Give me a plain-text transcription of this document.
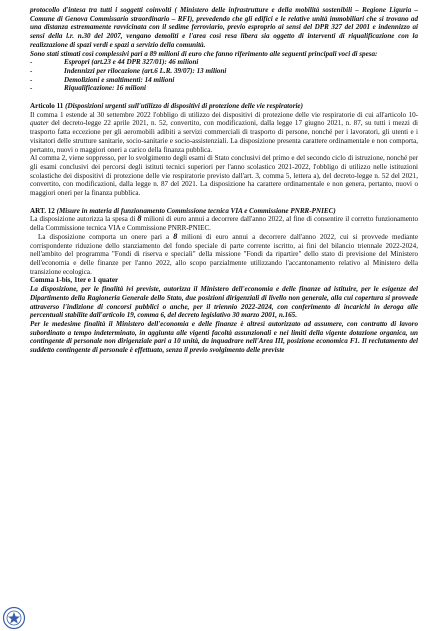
protocollo d'intesa tra tutti i soggetti coinvolti ( Ministero delle infrastrutture e della mobilità sostenibili – Regione Liguria – Comune di Genova Commissario straordinario – RFI), prevedendo che gli edifici e le relative unità immobiliari che si trovano ad una distanza estremamente ravvicinata con il sedime ferroviario, previo esproprio ai sensi del DPR 327 del 2001 e indennizzo ai sensi della l.r. n.30 del 2007, vengano demoliti e l'area così resa libera sia oggetto di interventi di riqualificazione con la realizzazione di spazi verdi e spazi a servizio della comunità.

Sono stati stimati così complessivi pari a 89 milioni di euro che fanno riferimento alle seguenti principali voci di spesa:

-	Espropri (art.23 e 44 DPR 327/01): 46 milioni
-	Indennizzi per rilocazione (art.6 L.R. 39/07): 13 milioni
-	Demolizioni e smaltimenti: 14 milioni
-	Riqualificazione: 16 milioni

Articolo 11 (Disposizioni urgenti sull'utilizzo di dispositivi di protezione delle vie respiratorie)

Il comma 1 estende al 30 settembre 2022 l'obbligo di utilizzo dei dispositivi di protezione delle vie respiratorie di cui all'articolo 10-quater del decreto-legge 22 aprile 2021, n. 52, convertito, con modificazioni, dalla legge 17 giugno 2021, n. 87, su tutti i mezzi di trasporto fatta eccezione per gli aeromobili adibiti a servizi commerciali di trasporto di persone, nonché per i lavoratori, gli utenti e i visitatori delle strutture sanitarie, socio-sanitarie e socio-assistenziali. La disposizione presenta carattere ordinamentale e non comporta, pertanto, nuovi o maggiori oneri a carico della finanza pubblica.

Al comma 2, viene soppresso, per lo svolgimento degli esami di Stato conclusivi del primo e del secondo ciclo di istruzione, nonché per gli esami conclusivi dei percorsi degli istituti tecnici superiori per l'anno scolastico 2021-2022, l'obbligo di utilizzo nelle istituzioni scolastiche dei dispositivi di protezione delle vie respiratorie previsto dall'art. 3, comma 5, lettera a), del decreto-legge n. 52 del 2021, convertito, con modificazioni, dalla legge n. 87 del 2021. La disposizione ha carattere ordinamentale e non genera, pertanto, nuovi o maggiori oneri per la finanza pubblica.

ART. 12 (Misure in materia di funzionamento Commissione tecnica VIA e Commissione PNRR-PNIEC)

La disposizione autorizza la spesa di 8 milioni di euro annui a decorrere dall'anno 2022, al fine di consentire il corretto funzionamento della Commissione tecnica VIA e Commissione PNRR-PNIEC.

La disposizione comporta un onere pari a 8 milioni di euro annui a decorrere dall'anno 2022, cui si provvede mediante corrispondente riduzione dello stanziamento del fondo speciale di parte corrente iscritto, ai fini del bilancio triennale 2022-2024, nell'ambito del programma "Fondi di riserva e speciali" della missione "Fondi da ripartire" dello stato di previsione del Ministero dell'economia e delle finanze per l'anno 2022, allo scopo parzialmente utilizzando l'accantonamento relativo al Ministero della transizione ecologica.

Comma 1-bis, 1ter e 1 quater

La disposizione, per le finalità ivi previste, autorizza il Ministero dell'economia e delle finanze ad istituire, per le esigenze del Dipartimento della Ragioneria Generale dello Stato, due posizioni dirigenziali di livello non generale, alla cui copertura si provvede attraverso l'indizione di concorsi pubblici o anche, per il triennio 2022-2024, con conferimento di incarichi in deroga alle percentuali stabilite dall'articolo 19, comma 6, del decreto legislativo 30 marzo 2001, n.165.

Per le medesime finalità il Ministero dell'economia e delle finanze è altresì autorizzato ad assumere, con contratto di lavoro subordinato a tempo indeterminato, in aggiunta alle vigenti facoltà assunzionali e nei limiti della vigente dotazione organica, un contingente di personale non dirigenziale pari a 10 unità, da inquadrare nell'Area III, posizione economica F1. Il reclutamento del suddetto contingente di personale è effettuato, senza il previo svolgimento delle previste
